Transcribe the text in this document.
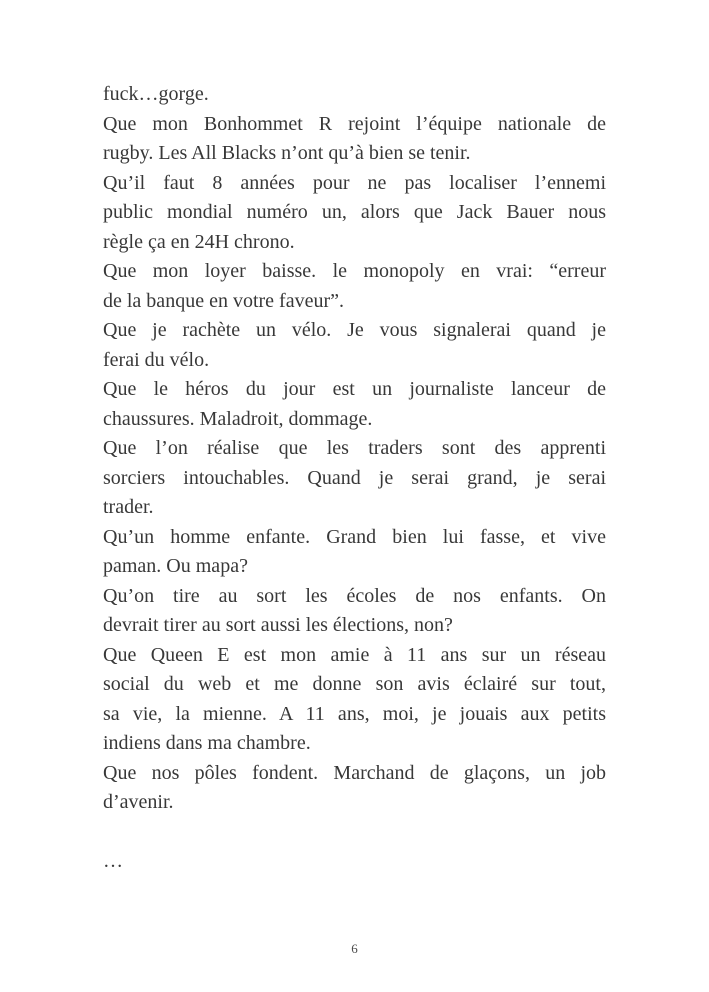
fuck…gorge.
Que mon Bonhommet R rejoint l’équipe nationale de
rugby. Les All Blacks n’ont qu’à bien se tenir.
Qu’il faut 8 années pour ne pas localiser l’ennemi
public mondial numéro un, alors que Jack Bauer nous
règle ça en 24H chrono.
Que mon loyer baisse. le monopoly en vrai: “erreur
de la banque en votre faveur”.
Que je rachète un vélo. Je vous signalerai quand je
ferai du vélo.
Que le héros du jour est un journaliste lanceur de
chaussures. Maladroit, dommage.
Que l’on réalise que les traders sont des apprenti
sorciers intouchables. Quand je serai grand, je serai
trader.
Qu’un homme enfante. Grand bien lui fasse, et vive
paman. Ou mapa?
Qu’on tire au sort les écoles de nos enfants. On
devrait tirer au sort aussi les élections, non?
Que Queen E est mon amie à 11 ans sur un réseau
social du web et me donne son avis éclairé sur tout,
sa vie, la mienne. A 11 ans, moi, je jouais aux petits
indiens dans ma chambre.
Que nos pôles fondent. Marchand de glaçons, un job
d’avenir.
…
6
